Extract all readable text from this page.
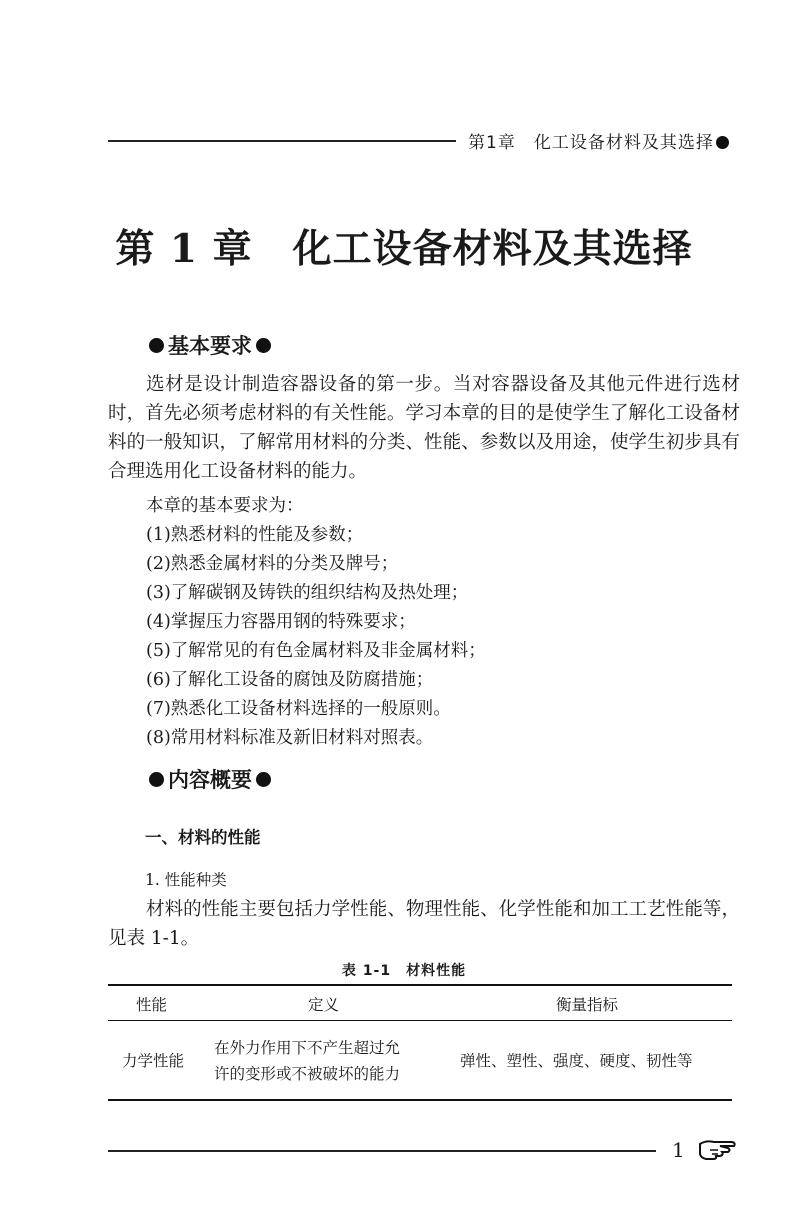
第1章　化工设备材料及其选择
第 1 章 化工设备材料及其选择
基本要求
选材是设计制造容器设备的第一步。当对容器设备及其他元件进行选材时，首先必须考虑材料的有关性能。学习本章的目的是使学生了解化工设备材料的一般知识，了解常用材料的分类、性能、参数以及用途，使学生初步具有合理选用化工设备材料的能力。
本章的基本要求为：
(1)熟悉材料的性能及参数；
(2)熟悉金属材料的分类及牌号；
(3)了解碳钢及铸铁的组织结构及热处理；
(4)掌握压力容器用钢的特殊要求；
(5)了解常见的有色金属材料及非金属材料；
(6)了解化工设备的腐蚀及防腐措施；
(7)熟悉化工设备材料选择的一般原则。
(8)常用材料标准及新旧材料对照表。
内容概要
一、材料的性能
1. 性能种类
材料的性能主要包括力学性能、物理性能、化学性能和加工工艺性能等，见表 1-1。
表 1-1　材料性能
性能	定义	衡量指标
力学性能
在外力作用下不产生超过允
许的变形或不被破坏的能力
弹性、塑性、强度、硬度、韧性等
1
